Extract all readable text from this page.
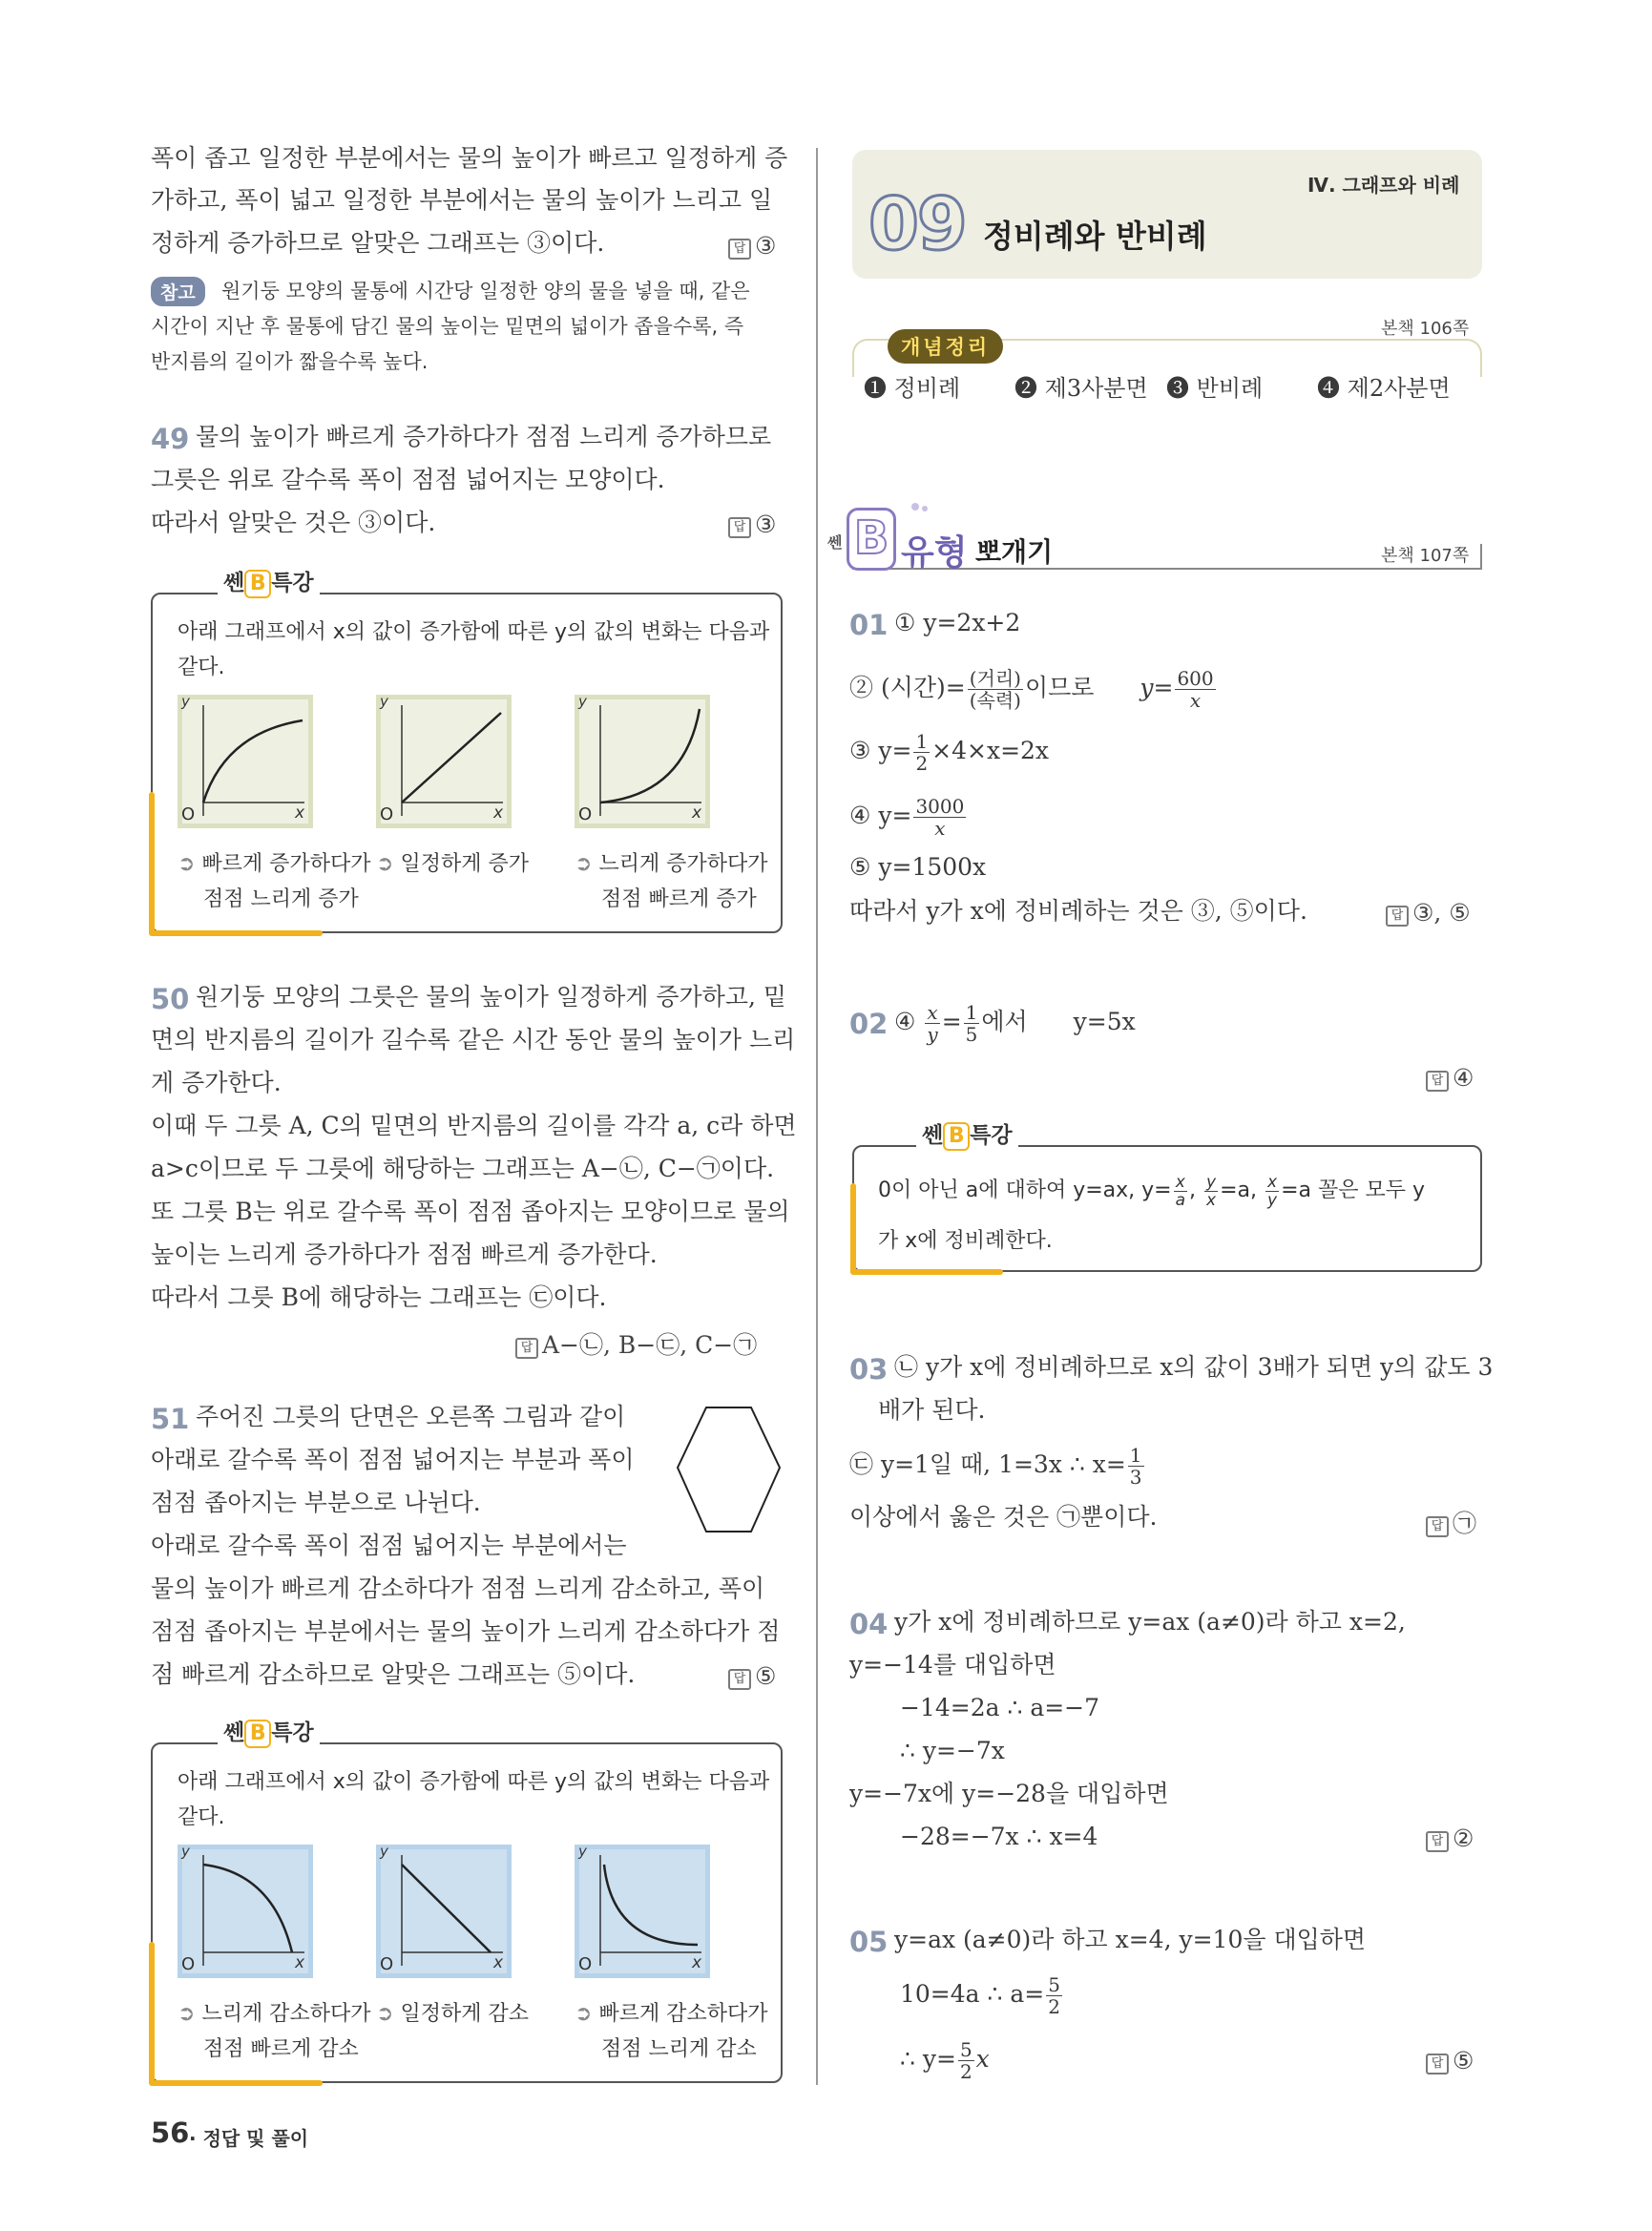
폭이 좁고 일정한 부분에서는 물의 높이가 빠르고 일정하게 증
가하고, 폭이 넓고 일정한 부분에서는 물의 높이가 느리고 일
정하게 증가하므로 알맞은 그래프는 ③이다.	답 ③
참고	원기둥 모양의 물통에 시간당 일정한 양의 물을 넣을 때, 같은
시간이 지난 후 물통에 담긴 물의 높이는 밑면의 넓이가 좁을수록, 즉
반지름의 길이가 짧을수록 높다.
49 물의 높이가 빠르게 증가하다가 점점 느리게 증가하므로
그릇은 위로 갈수록 폭이 점점 넓어지는 모양이다.
따라서 알맞은 것은 ③이다.	답 ③
쎈 B 특강
아래 그래프에서 x의 값이 증가함에 따른 y의 값의 변화는 다음과
같다.
y
O	x
y
O	x
y
O	x
➲ 빠르게 증가하다가
점점 느리게 증가
➲ 일정하게 증가 ➲ 느리게 증가하다가
점점 빠르게 증가
50 원기둥 모양의 그릇은 물의 높이가 일정하게 증가하고, 밑
면의 반지름의 길이가 길수록 같은 시간 동안 물의 높이가 느리
게 증가한다.
이때 두 그릇 A, C의 밑면의 반지름의 길이를 각각 a, c라 하면
a>c이므로 두 그릇에 해당하는 그래프는 A−㉡, C−㉠이다.
또 그릇 B는 위로 갈수록 폭이 점점 좁아지는 모양이므로 물의
높이는 느리게 증가하다가 점점 빠르게 증가한다.
따라서 그릇 B에 해당하는 그래프는 ㉢이다.
답 A−㉡, B−㉢, C−㉠
51 주어진 그릇의 단면은 오른쪽 그림과 같이
아래로 갈수록 폭이 점점 넓어지는 부분과 폭이
점점 좁아지는 부분으로 나뉜다.
아래로 갈수록 폭이 점점 넓어지는 부분에서는
물의 높이가 빠르게 감소하다가 점점 느리게 감소하고, 폭이
점점 좁아지는 부분에서는 물의 높이가 느리게 감소하다가 점
점 빠르게 감소하므로 알맞은 그래프는 ⑤이다.	답 ⑤
쎈 B 특강
아래 그래프에서 x의 값이 증가함에 따른 y의 값의 변화는 다음과
같다.
y
O	x
y
O	x
y
O	x
➲ 느리게 감소하다가
점점 빠르게 감소
➲ 일정하게 감소 ➲ 빠르게 감소하다가
점점 느리게 감소
56 · 정답 및 풀이
Ⅳ. 그래프와 비례
09 정비례와 반비례
개념정리
본책 106쪽
❶ 정비례 ❷ 제3사분면 ❸ 반비례 ❹ 제2사분면
쎈 B 유형 뽀개기	본책 107쪽
01 ① y=2x+2
② (시간)= $\frac{\text{(거리)}}{\text{(속력)}}$ 이므로 $y= \frac{600}{x}$
③ $y= \frac{1}{2} \times 4\times x=2x$
④ $y= \frac{3000}{x}$
⑤ y=1500x
따라서 y가 x에 정비례하는 것은 ③, ⑤이다.	답 ③, ⑤
02 ④ $\frac{x}{y} = \frac{1}{5}$ 에서 y=5x
답 ④
쎈 B 특강
0이 아닌 a에 대하여 y=ax, $y= \frac{x}{a}$ , $\frac{y}{x} =a$, $\frac{x}{y} =a$ 꼴은 모두 y
가 x에 정비례한다.
03 ㉡ y가 x에 정비례하므로 x의 값이 3배가 되면 y의 값도 3
배가 된다.
㉢ y=1일 때, 1=3x ∴ $x= \frac{1}{3}$
이상에서 옳은 것은 ㉠뿐이다.	답 ㉠
04 y가 x에 정비례하므로 y=ax (a≠0)라 하고 x=2,
y=−14를 대입하면
−14=2a ∴ a=−7
∴ y=−7x
y=−7x에 y=−28을 대입하면
−28=−7x ∴ x=4	답 ②
05 y=ax (a≠0)라 하고 x=4, y=10을 대입하면
10=4a ∴ $a= \frac{5}{2}$
∴ $y= \frac{5}{2}$ x	답 ⑤
